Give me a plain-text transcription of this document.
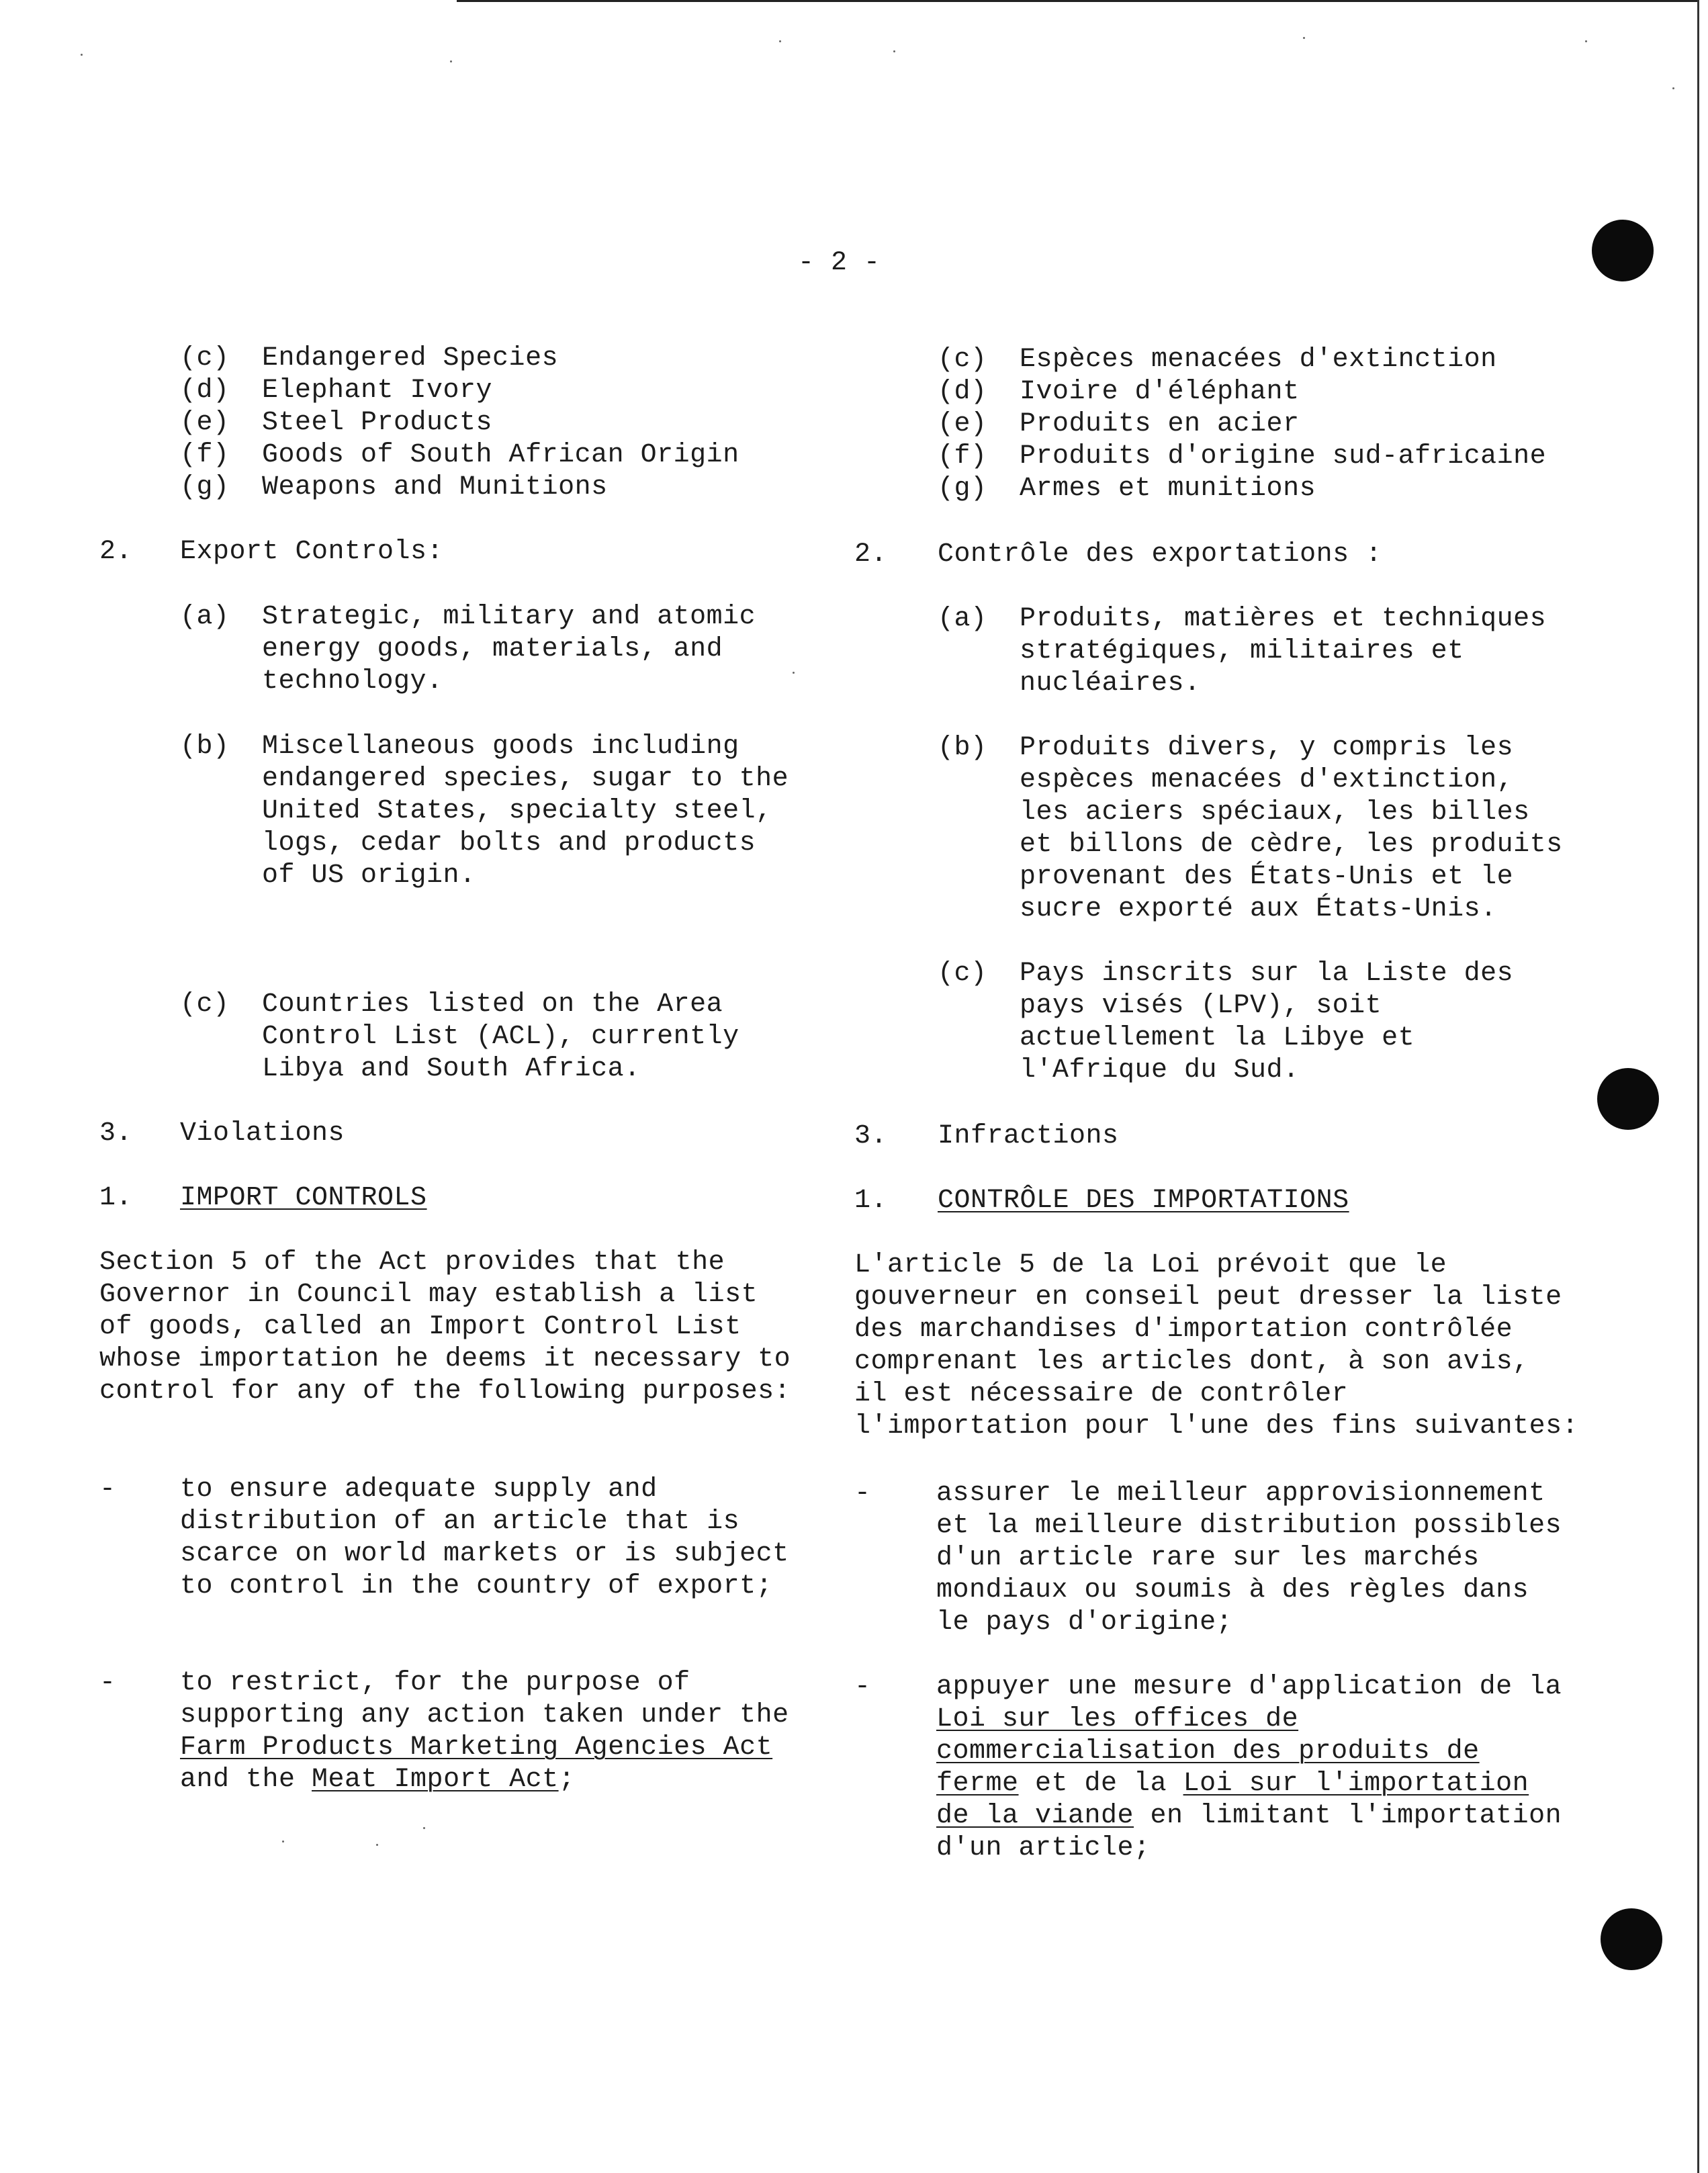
- 2 -
(c) Endangered Species
(d) Elephant Ivory
(e) Steel Products
(f) Goods of South African Origin
(g) Weapons and Munitions
2. Export Controls:
(a) Strategic, military and atomic
energy goods, materials, and
technology.
(b) Miscellaneous goods including
endangered species, sugar to the
United States, specialty steel,
logs, cedar bolts and products
of US origin.
(c) Countries listed on the Area
Control List (ACL), currently
Libya and South Africa.
3. Violations
1. IMPORT CONTROLS
Section 5 of the Act provides that the
Governor in Council may establish a list
of goods, called an Import Control List
whose importation he deems it necessary to
control for any of the following purposes:
- to ensure adequate supply and
distribution of an article that is
scarce on world markets or is subject
to control in the country of export;
- to restrict, for the purpose of
supporting any action taken under the
Farm Products Marketing Agencies Act
and the Meat Import Act;
(c) Espèces menacées d'extinction
(d) Ivoire d'éléphant
(e) Produits en acier
(f) Produits d'origine sud-africaine
(g) Armes et munitions
2. Contrôle des exportations :
(a) Produits, matières et techniques
stratégiques, militaires et
nucléaires.
(b) Produits divers, y compris les
espèces menacées d'extinction,
les aciers spéciaux, les billes
et billons de cèdre, les produits
provenant des États-Unis et le
sucre exporté aux États-Unis.
(c) Pays inscrits sur la Liste des
pays visés (LPV), soit
actuellement la Libye et
l'Afrique du Sud.
3. Infractions
1. CONTRÔLE DES IMPORTATIONS
L'article 5 de la Loi prévoit que le
gouverneur en conseil peut dresser la liste
des marchandises d'importation contrôlée
comprenant les articles dont, à son avis,
il est nécessaire de contrôler
l'importation pour l'une des fins suivantes:
- assurer le meilleur approvisionnement
et la meilleure distribution possibles
d'un article rare sur les marchés
mondiaux ou soumis à des règles dans
le pays d'origine;
- appuyer une mesure d'application de la
Loi sur les offices de
commercialisation des produits de
ferme et de la Loi sur l'importation
de la viande en limitant l'importation
d'un article;
